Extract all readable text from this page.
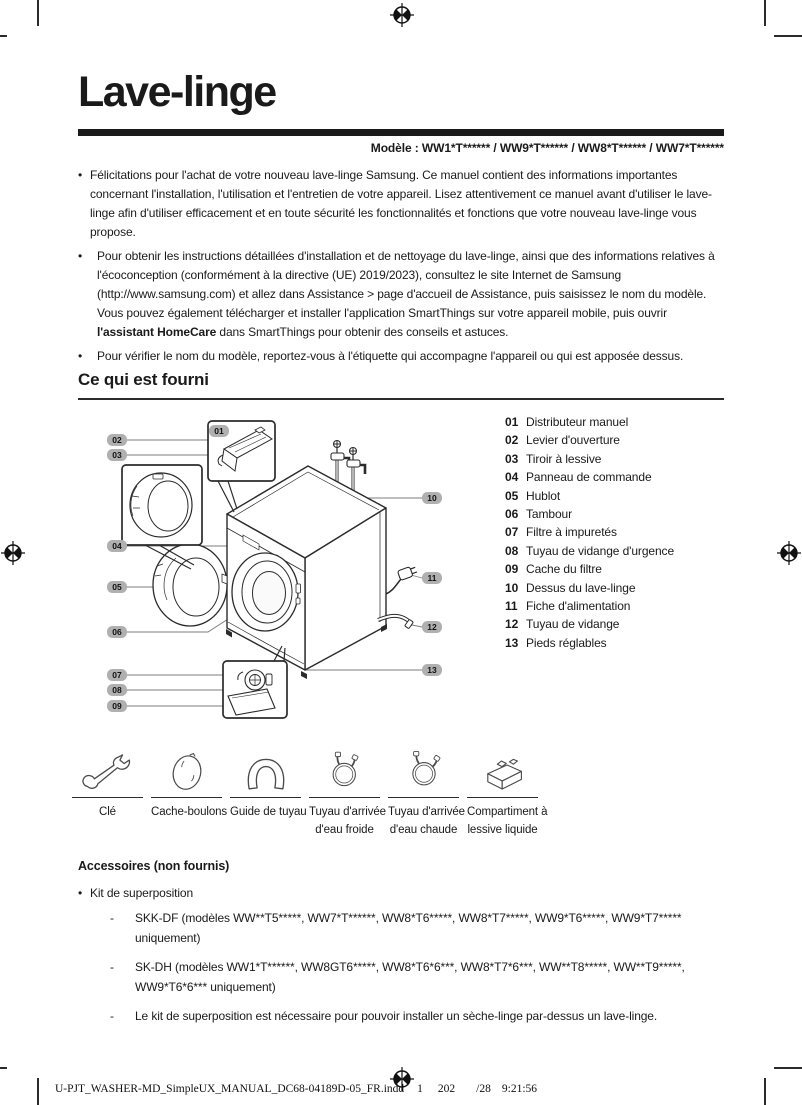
Lave-linge
Modèle : WW1*T****** / WW9*T****** / WW8*T****** / WW7*T******
• Félicitations pour l'achat de votre nouveau lave-linge Samsung. Ce manuel contient des informations importantes concernant l'installation, l'utilisation et l'entretien de votre appareil. Lisez attentivement ce manuel avant d'utiliser le lave-linge afin d'utiliser efficacement et en toute sécurité les fonctionnalités et fonctions que votre nouveau lave-linge vous propose.
• Pour obtenir les instructions détaillées d'installation et de nettoyage du lave-linge, ainsi que des informations relatives à l'écoconception (conformément à la directive (UE) 2019/2023), consultez le site Internet de Samsung (http://www.samsung.com) et allez dans Assistance > page d'accueil de Assistance, puis saisissez le nom du modèle. Vous pouvez également télécharger et installer l'application SmartThings sur votre appareil mobile, puis ouvrir l'assistant HomeCare dans SmartThings pour obtenir des conseils et astuces.
• Pour vérifier le nom du modèle, reportez-vous à l'étiquette qui accompagne l'appareil ou qui est apposée dessus.
Ce qui est fourni
01
02
03
04
05
06
07
08
09
10
11
12
13
01 Distributeur manuel
02 Levier d'ouverture
03 Tiroir à lessive
04 Panneau de commande
05 Hublot
06 Tambour
07 Filtre à impuretés
08 Tuyau de vidange d'urgence
09 Cache du filtre
10 Dessus du lave-linge
11 Fiche d'alimentation
12 Tuyau de vidange
13 Pieds réglables
Clé	Cache-boulons Guide de tuyau Tuyau d'arrivée
d'eau froide
Tuyau d'arrivée
d'eau chaude
Compartiment à
lessive liquide
Accessoires (non fournis)
• Kit de superposition
- SKK-DF (modèles WW**T5*****, WW7*T******, WW8*T6*****, WW8*T7*****, WW9*T6*****, WW9*T7***** uniquement)
- SK-DH (modèles WW1*T******, WW8GT6*****, WW8*T6*6***, WW8*T7*6***, WW**T8*****, WW**T9*****, WW9*T6*6*** uniquement)
- Le kit de superposition est nécessaire pour pouvoir installer un sèche-linge par-dessus un lave-linge.
U-PJT_WASHER-MD_SimpleUX_MANUAL_DC68-04189D-05_FR.indd 1 202 /28 9:21:56
